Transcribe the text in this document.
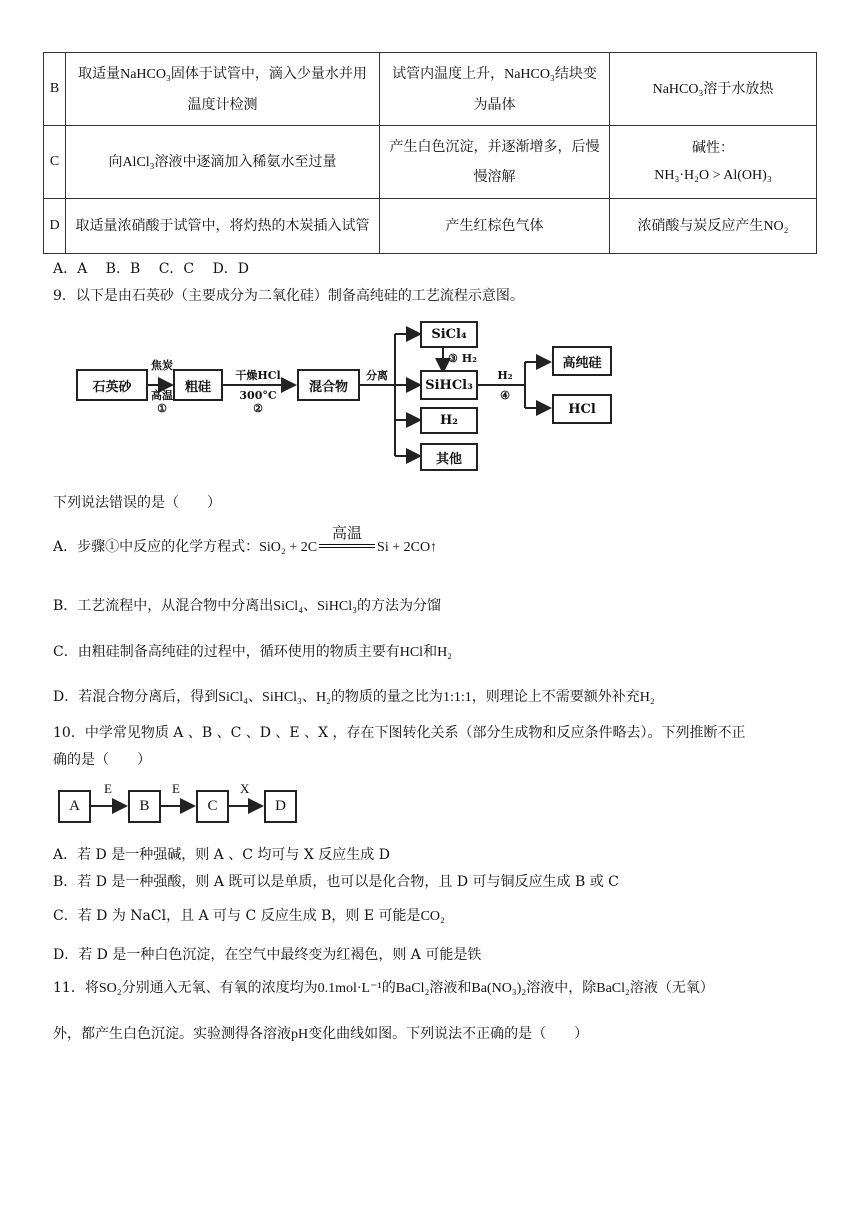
B	取适量NaHCO₃固体于试管中，滴入少量水并用温度计检测	试管内温度上升，NaHCO₃结块变为晶体	NaHCO₃溶于水放热
C	向AlCl₃溶液中逐滴加入稀氨水至过量	产生白色沉淀，并逐渐增多，后慢慢溶解	碱性：
NH₃·H₂O > Al(OH)₃

D	取适量浓硝酸于试管中，将灼热的木炭插入试管	产生红棕色气体	浓硝酸与炭反应产生NO₂
A．A　 B．B　 C．C　 D．D
9．以下是由石英砂（主要成分为二氧化硅）制备高纯硅的工艺流程示意图。
石英砂	粗硅	混合物
SiCl₄
SiHCl₃
H₂
其他
高纯硅
HCl
焦炭
高温
①
干燥HCl
300°C
②
分离
③ H₂
H₂
④
下列说法错误的是（　　）
A．步骤①中反应的化学方程式：SiO₂ + 2C
高温
Si + 2CO↑
B．工艺流程中，从混合物中分离出SiCl₄、SiHCl₃的方法为分馏
C．由粗硅制备高纯硅的过程中，循环使用的物质主要有HCl和H₂
D．若混合物分离后，得到SiCl₄、SiHCl₃、H₂的物质的量之比为1:1:1，则理论上不需要额外补充H₂
10．中学常见物质 A 、B 、C 、D 、E 、X ，存在下图转化关系（部分生成物和反应条件略去）。下列推断不正
确的是（　　）
A	B	C	D
E	E	X
A．若 D 是一种强碱，则 A 、C 均可与 X 反应生成 D
B．若 D 是一种强酸，则 A 既可以是单质，也可以是化合物，且 D 可与铜反应生成 B 或 C
C．若 D 为 NaCl，且 A 可与 C 反应生成 B，则 E 可能是CO₂
D．若 D 是一种白色沉淀，在空气中最终变为红褐色，则 A 可能是铁
11．将SO₂分别通入无氧、有氧的浓度均为0.1mol·L⁻¹的BaCl₂溶液和Ba(NO₃)₂溶液中，除BaCl₂溶液（无氧）
外，都产生白色沉淀。实验测得各溶液pH变化曲线如图。下列说法不正确的是（　　）
